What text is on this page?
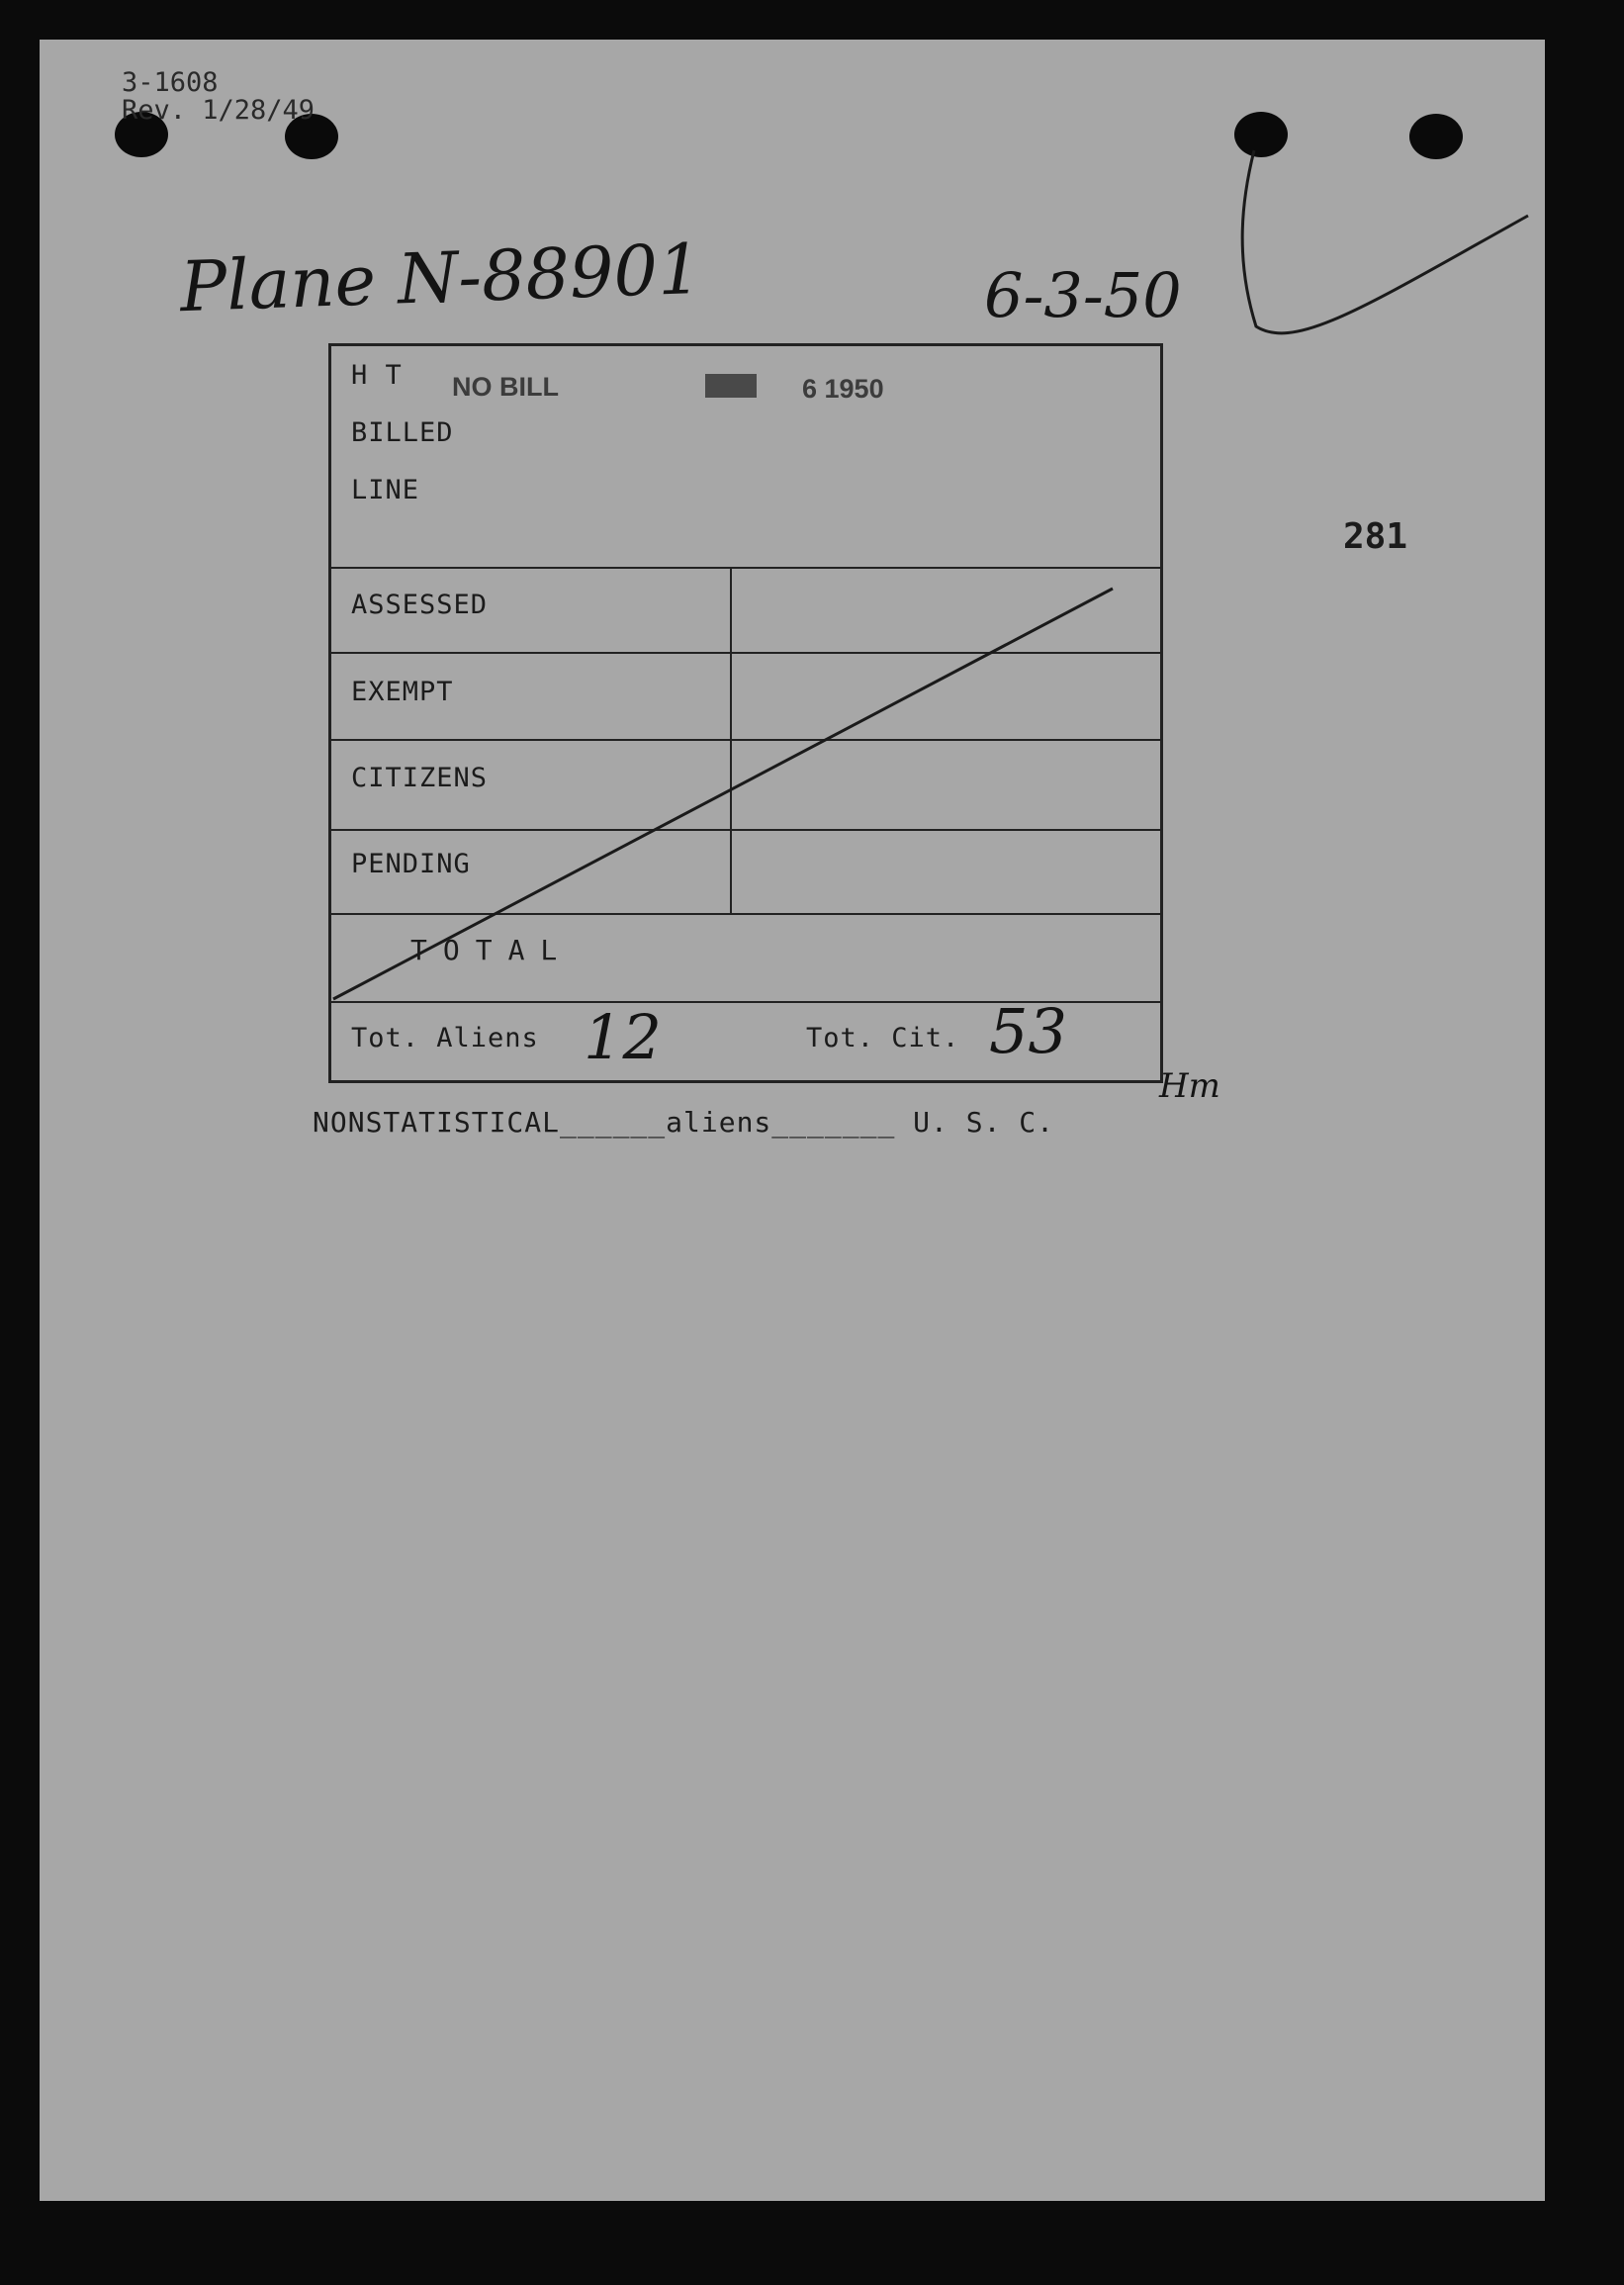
3-1608
Rev. 1/28/49
Plane N-88901	6-3-50
281
H T NO BILL	6 1950
BILLED
LINE
ASSESSED
EXEMPT
CITIZENS
PENDING
TOTAL
Tot. Aliens 12	Tot. Cit. 53
Hm
NONSTATISTICAL______aliens_______ U. S. C.
